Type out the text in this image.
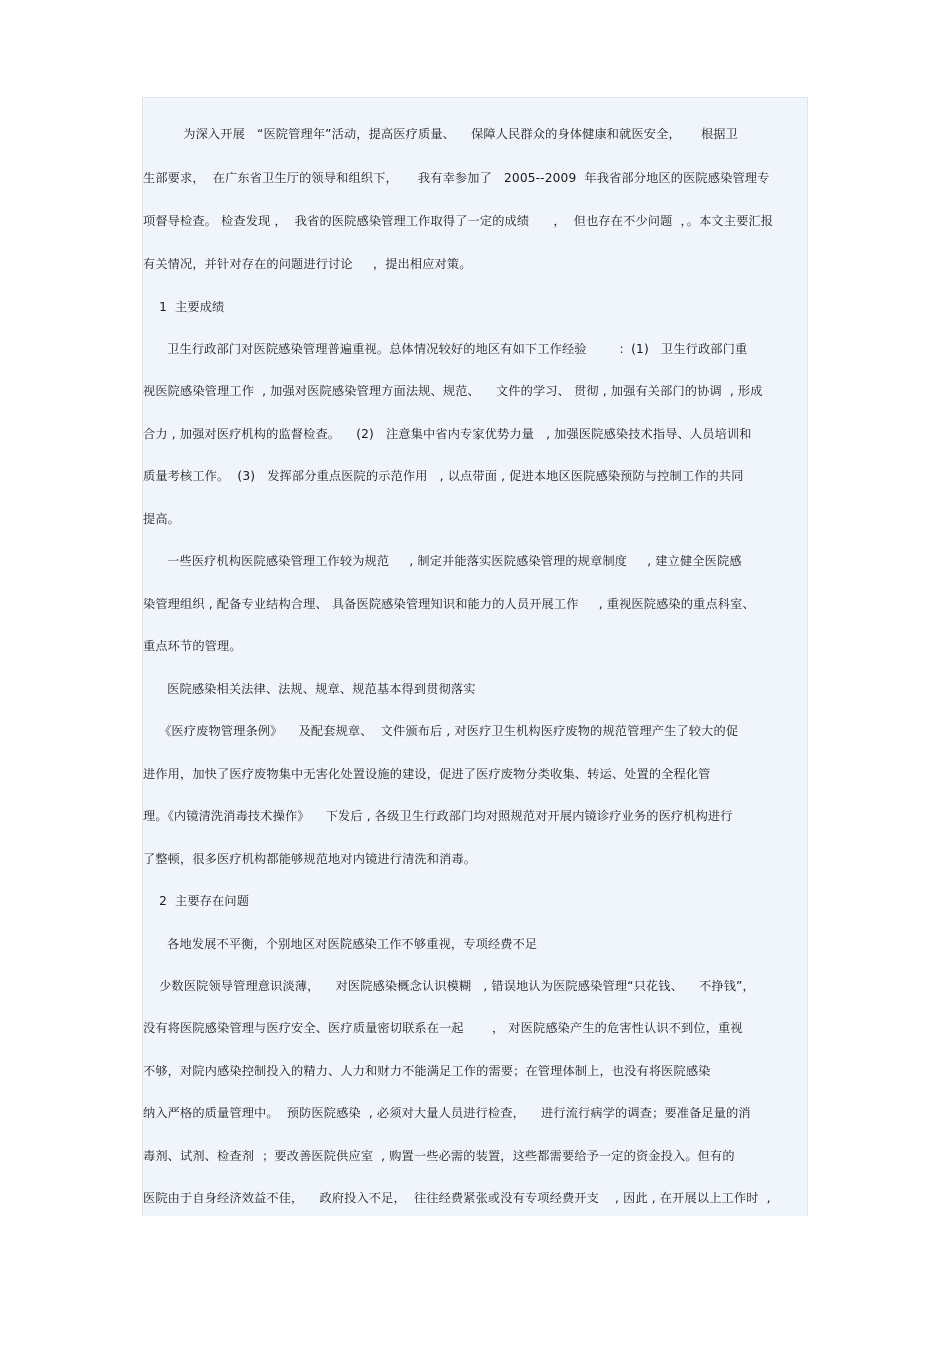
为深入开展   “医院管理年”活动，提高医疗质量、    保障人民群众的身体健康和就医安全，     根据卫
生部要求，  在广东省卫生厅的领导和组织下，     我有幸参加了   2005--2009  年我省部分地区的医院感染管理专
项督导检查。 检查发现 ，  我省的医院感染管理工作取得了一定的成绩      ，  但也存在不少问题  ，。本文主要汇报
有关情况，并针对存在的问题进行讨论     ，提出相应对策。
1  主要成绩
卫生行政部门对医院感染管理普遍重视。总体情况较好的地区有如下工作经验        ：(1)   卫生行政部门重
视医院感染管理工作  , 加强对医院感染管理方面法规、规范、    文件的学习、 贯彻 , 加强有关部门的协调  , 形成
合力 , 加强对医疗机构的监督检查。    (2)   注意集中省内专家优势力量   , 加强医院感染技术指导、人员培训和
质量考核工作。  (3)   发挥部分重点医院的示范作用   , 以点带面 , 促进本地区医院感染预防与控制工作的共同
提高。
一些医疗机构医院感染管理工作较为规范     , 制定并能落实医院感染管理的规章制度     , 建立健全医院感
染管理组织 , 配备专业结构合理、 具备医院感染管理知识和能力的人员开展工作     , 重视医院感染的重点科室、
重点环节的管理。
医院感染相关法律、法规、规章、规范基本得到贯彻落实
《医疗废物管理条例》    及配套规章、  文件颁布后 , 对医疗卫生机构医疗废物的规范管理产生了较大的促
进作用，加快了医疗废物集中无害化处置设施的建设，促进了医疗废物分类收集、转运、处置的全程化管
理。《内镜清洗消毒技术操作》    下发后 , 各级卫生行政部门均对照规范对开展内镜诊疗业务的医疗机构进行
了整顿，很多医疗机构都能够规范地对内镜进行清洗和消毒。
2  主要存在问题
各地发展不平衡，个别地区对医院感染工作不够重视，专项经费不足
少数医院领导管理意识淡薄，    对医院感染概念认识模糊   , 错误地认为医院感染管理“只花钱、    不挣钱”，
没有将医院感染管理与医疗安全、医疗质量密切联系在一起       ， 对医院感染产生的危害性认识不到位，重视
不够，对院内感染控制投入的精力、人力和财力不能满足工作的需要；在管理体制上，也没有将医院感染
纳入严格的质量管理中。  预防医院感染  , 必须对大量人员进行检查，    进行流行病学的调查；要准备足量的消
毒剂、试剂、检查剂  ；要改善医院供应室  , 购置一些必需的装置，这些都需要给予一定的资金投入。但有的
医院由于自身经济效益不佳，    政府投入不足，  往往经费紧张或没有专项经费开支    , 因此 , 在开展以上工作时  ,
